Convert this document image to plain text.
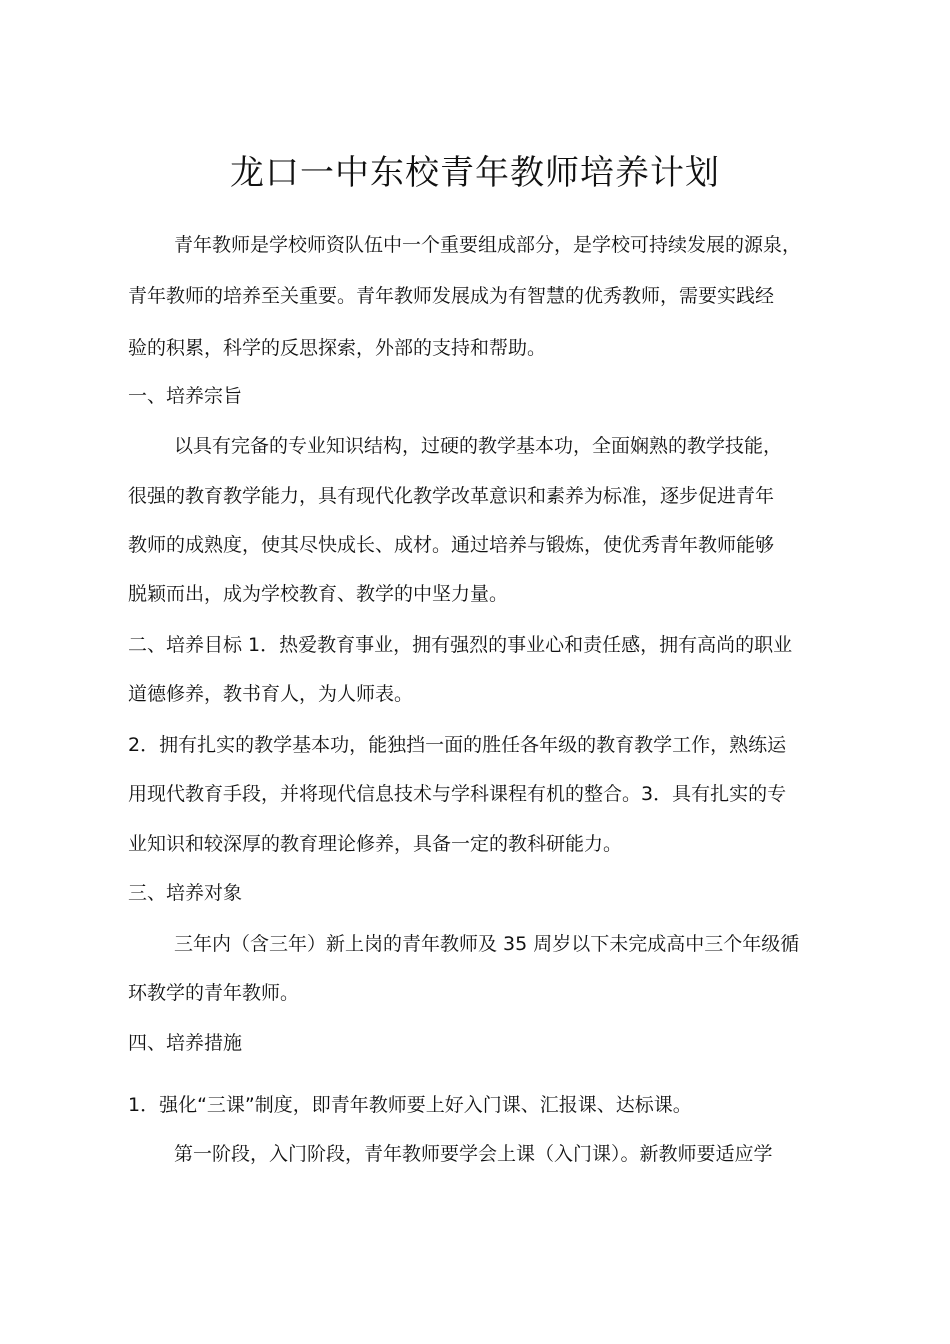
龙口一中东校青年教师培养计划
青年教师是学校师资队伍中一个重要组成部分，是学校可持续发展的源泉，
青年教师的培养至关重要。青年教师发展成为有智慧的优秀教师，需要实践经
验的积累，科学的反思探索，外部的支持和帮助。
一、培养宗旨
以具有完备的专业知识结构，过硬的教学基本功，全面娴熟的教学技能，
很强的教育教学能力，具有现代化教学改革意识和素养为标准，逐步促进青年
教师的成熟度，使其尽快成长、成材。通过培养与锻炼，使优秀青年教师能够
脱颖而出，成为学校教育、教学的中坚力量。
二、培养目标 1．热爱教育事业，拥有强烈的事业心和责任感，拥有高尚的职业
道德修养，教书育人，为人师表。
2．拥有扎实的教学基本功，能独挡一面的胜任各年级的教育教学工作，熟练运
用现代教育手段，并将现代信息技术与学科课程有机的整合。3．具有扎实的专
业知识和较深厚的教育理论修养，具备一定的教科研能力。
三、培养对象
三年内（含三年）新上岗的青年教师及 35 周岁以下未完成高中三个年级循
环教学的青年教师。
四、培养措施
1．强化“三课”制度，即青年教师要上好入门课、汇报课、达标课。
第一阶段，入门阶段，青年教师要学会上课（入门课）。新教师要适应学
